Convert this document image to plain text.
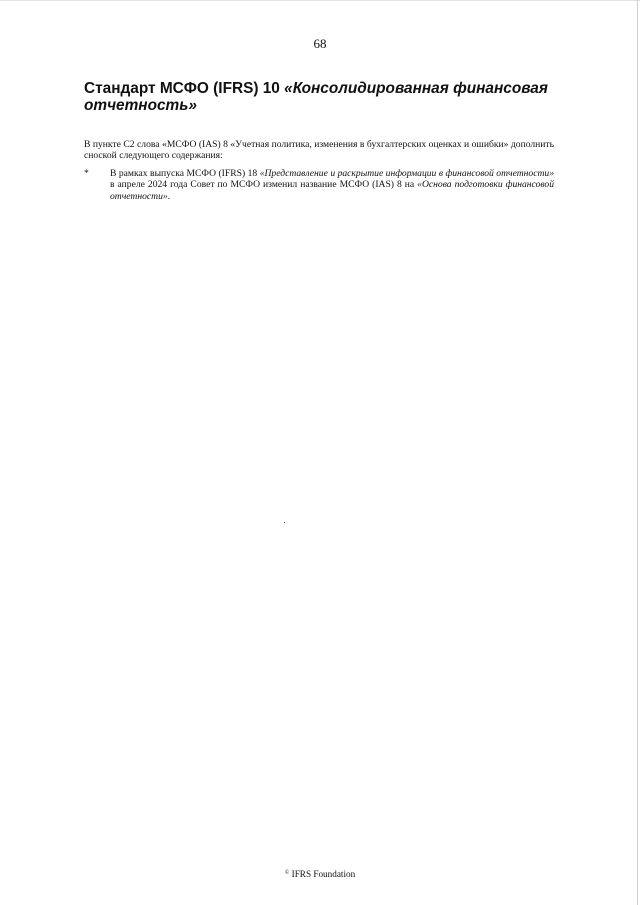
68
Стандарт МСФО (IFRS) 10 «Консолидированная финансовая отчетность»

В пункте С2 слова «МСФО (IAS) 8 «Учетная политика, изменения в бухгалтерских оценках и ошибки» дополнить сноской следующего содержания:

* В рамках выпуска МСФО (IFRS) 18 «Представление и раскрытие информации в финансовой отчетности» в апреле 2024 года Совет по МСФО изменил название МСФО (IAS) 8 на «Основа подготовки финансовой отчетности».

© IFRS Foundation
